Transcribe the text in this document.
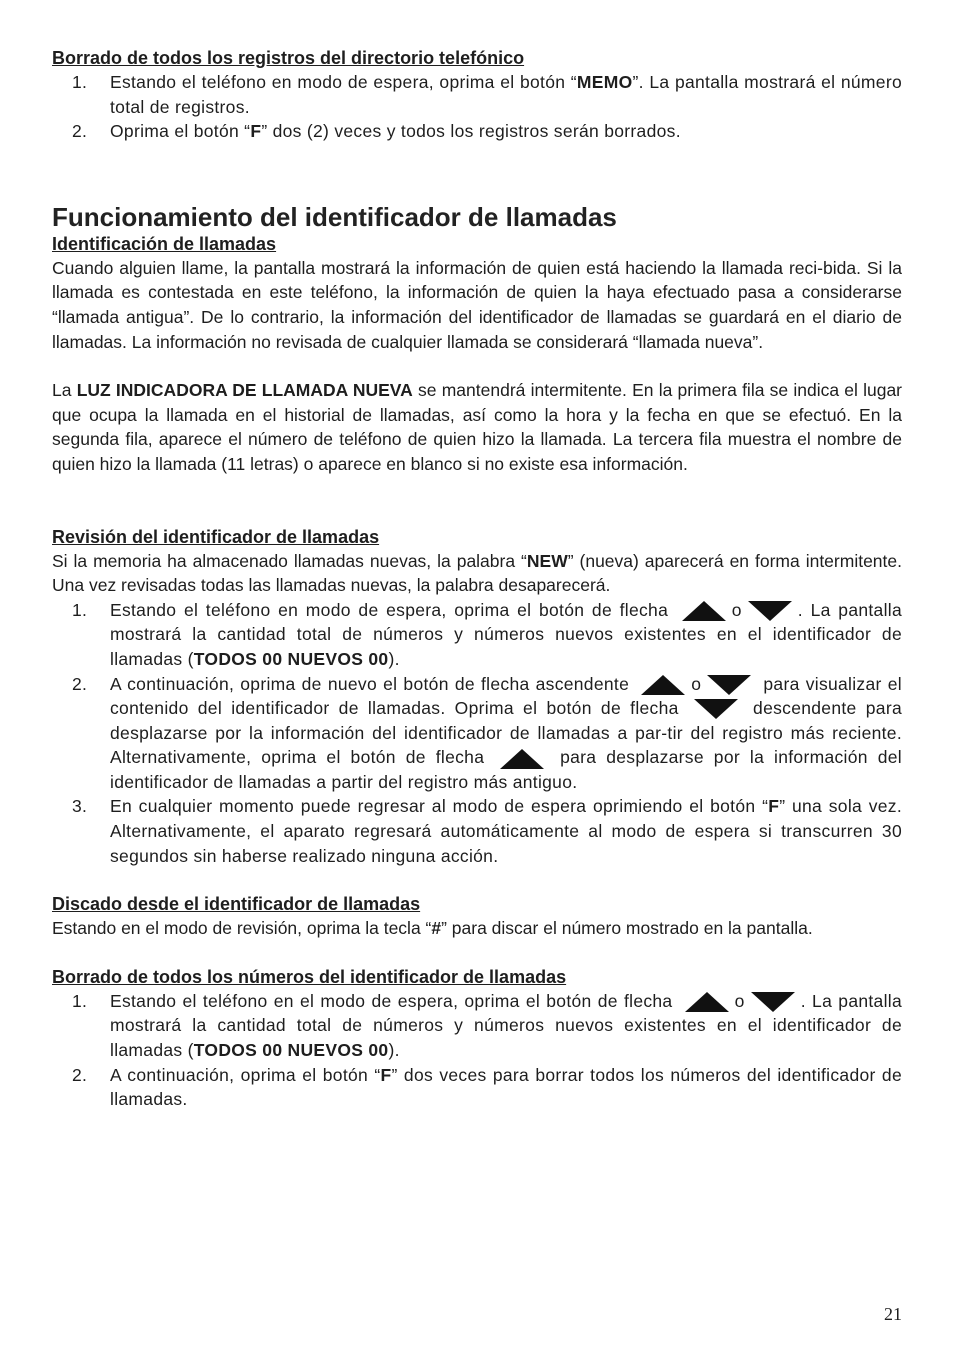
Borrado de todos los registros del directorio telefónico

1. Estando el teléfono en modo de espera, oprima el botón “MEMO”. La pantalla mostrará el número total de registros.
2. Oprima el botón “F” dos (2) veces y todos los registros serán borrados.
Funcionamiento del identificador de llamadas

Identificación de llamadas

Cuando alguien llame, la pantalla mostrará la información de quien está haciendo la llamada reci-bida. Si la llamada es contestada en este teléfono, la información de quien la haya efectuado pasa a considerarse “llamada antigua”. De lo contrario, la información del identificador de llamadas se guardará en el diario de llamadas. La información no revisada de cualquier llamada se considerará “llamada nueva”.

La LUZ INDICADORA DE LLAMADA NUEVA se mantendrá intermitente. En la primera fila se indica el lugar que ocupa la llamada en el historial de llamadas, así como la hora y la fecha en que se efectuó. En la segunda fila, aparece el número de teléfono de quien hizo la llamada. La tercera fila muestra el nombre de quien hizo la llamada (11 letras) o aparece en blanco si no existe esa información.

Revisión del identificador de llamadas

Si la memoria ha almacenado llamadas nuevas, la palabra “NEW” (nueva) aparecerá en forma intermitente. Una vez revisadas todas las llamadas nuevas, la palabra desaparecerá.

1. Estando el teléfono en modo de espera, oprima el botón de flecha	o	. La pantalla mostrará la cantidad total de números y números nuevos existentes en el identificador de llamadas (TODOS 00 NUEVOS 00).
2. A continuación, oprima de nuevo el botón de flecha ascendente	o	para visualizar el contenido del identificador de llamadas. Oprima el botón de flecha	descendente para desplazarse por la información del identificador de llamadas a par-tir del registro más reciente. Alternativamente, oprima el botón de flecha	para desplazarse por la información del identificador de llamadas a partir del registro más antiguo.
3. En cualquier momento puede regresar al modo de espera oprimiendo el botón “F” una sola vez. Alternativamente, el aparato regresará automáticamente al modo de espera si transcurren 30 segundos sin haberse realizado ninguna acción.

Discado desde el identificador de llamadas

Estando en el modo de revisión, oprima la tecla “#” para discar el número mostrado en la pantalla.

Borrado de todos los números del identificador de llamadas

1. Estando el teléfono en el modo de espera, oprima el botón de flecha	o	. La pantalla mostrará la cantidad total de números y números nuevos existentes en el identificador de llamadas (TODOS 00 NUEVOS 00).
2. A continuación, oprima el botón “F” dos veces para borrar todos los números del identificador de llamadas.
21
